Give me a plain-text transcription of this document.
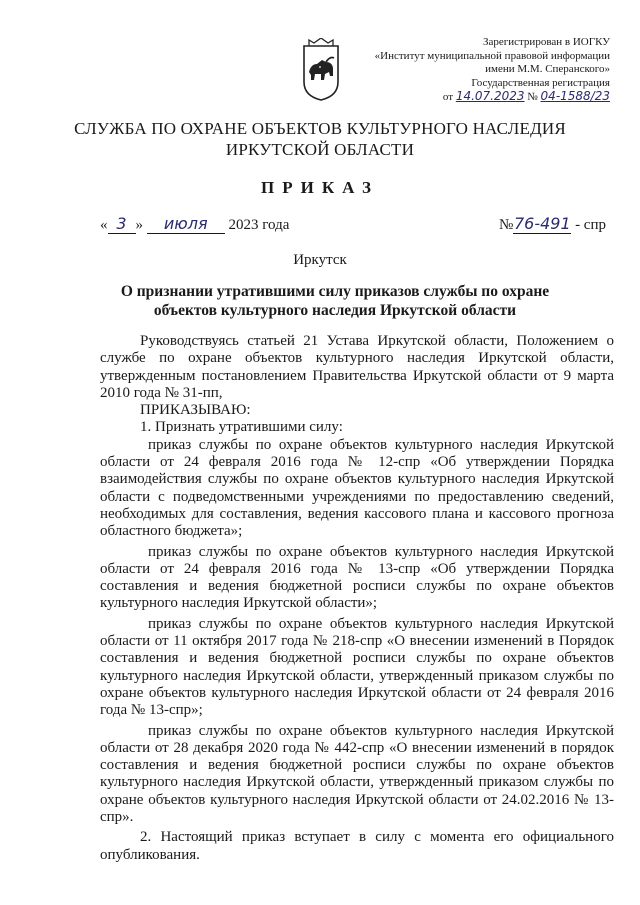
Зарегистрирован в ИОГКУ
«Институт муниципальной правовой информации
имени М.М. Сперанского»
Государственная регистрация
от 14.07.2023 № 04-1588/23
СЛУЖБА ПО ОХРАНЕ ОБЪЕКТОВ КУЛЬТУРНОГО НАСЛЕДИЯ
ИРКУТСКОЙ ОБЛАСТИ
ПРИКАЗ
« 3 » июля 2023 года	№76-491 - спр
Иркутск
О признании утратившими силу приказов службы по охране объектов культурного наследия Иркутской области

Руководствуясь статьей 21 Устава Иркутской области, Положением о службе по охране объектов культурного наследия Иркутской области, утвержденным постановлением Правительства Иркутской области от 9 марта 2010 года № 31-пп,

ПРИКАЗЫВАЮ:

1. Признать утратившими силу:

приказ службы по охране объектов культурного наследия Иркутской области от 24 февраля 2016 года № 12-спр «Об утверждении Порядка взаимодействия службы по охране объектов культурного наследия Иркутской области с подведомственными учреждениями по предоставлению сведений, необходимых для составления, ведения кассового плана и кассового прогноза областного бюджета»;

приказ службы по охране объектов культурного наследия Иркутской области от 24 февраля 2016 года № 13-спр «Об утверждении Порядка составления и ведения бюджетной росписи службы по охране объектов культурного наследия Иркутской области»;

приказ службы по охране объектов культурного наследия Иркутской области от 11 октября 2017 года № 218-спр «О внесении изменений в Порядок составления и ведения бюджетной росписи службы по охране объектов культурного наследия Иркутской области, утвержденный приказом службы по охране объектов культурного наследия Иркутской области от 24 февраля 2016 года № 13-спр»;

приказ службы по охране объектов культурного наследия Иркутской области от 28 декабря 2020 года № 442-спр «О внесении изменений в порядок составления и ведения бюджетной росписи службы по охране объектов культурного наследия Иркутской области, утвержденный приказом службы по охране объектов культурного наследия Иркутской области от 24.02.2016 № 13-спр».

2. Настоящий приказ вступает в силу с момента его официального опубликования.
